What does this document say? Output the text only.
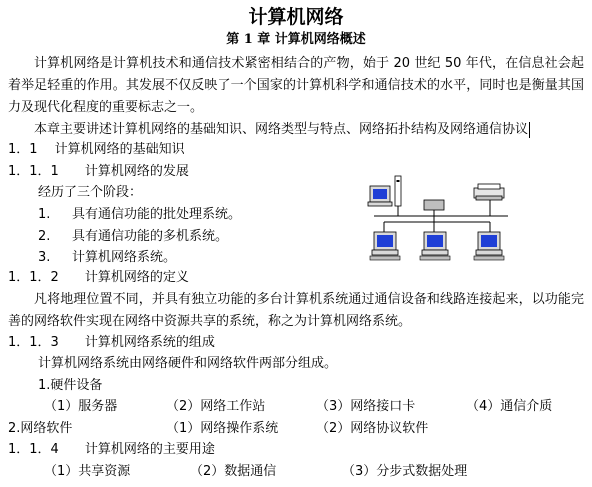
计算机网络
第 1 章 计算机网络概述
计算机网络是计算机技术和通信技术紧密相结合的产物，始于 20 世纪 50 年代，在信息社会起着举足轻重的作用。其发展不仅反映了一个国家的计算机科学和通信技术的水平，同时也是衡量其国力及现代化程度的重要标志之一。
本章主要讲述计算机网络的基础知识、网络类型与特点、网络拓扑结构及网络通信协议
1．1　 计算机网络的基础知识
1．1．1　　计算机网络的发展
经历了三个阶段：
1. 具有通信功能的批处理系统。
2. 具有通信功能的多机系统。
3. 计算机网络系统。
1．1．2　　计算机网络的定义
凡将地理位置不同，并具有独立功能的多台计算机系统通过通信设备和线路连接起来，以功能完善的网络软件实现在网络中资源共享的系统，称之为计算机网络系统。
1．1．3　　计算机网络系统的组成
计算机网络系统由网络硬件和网络软件两部分组成。
1.硬件设备
（1）服务器	（2）网络工作站	（3）网络接口卡	（4）通信介质
2.网络软件	（1）网络操作系统	（2）网络协议软件
1．1．4　　计算机网络的主要用途
（1）共享资源	（2）数据通信	（3）分步式数据处理
